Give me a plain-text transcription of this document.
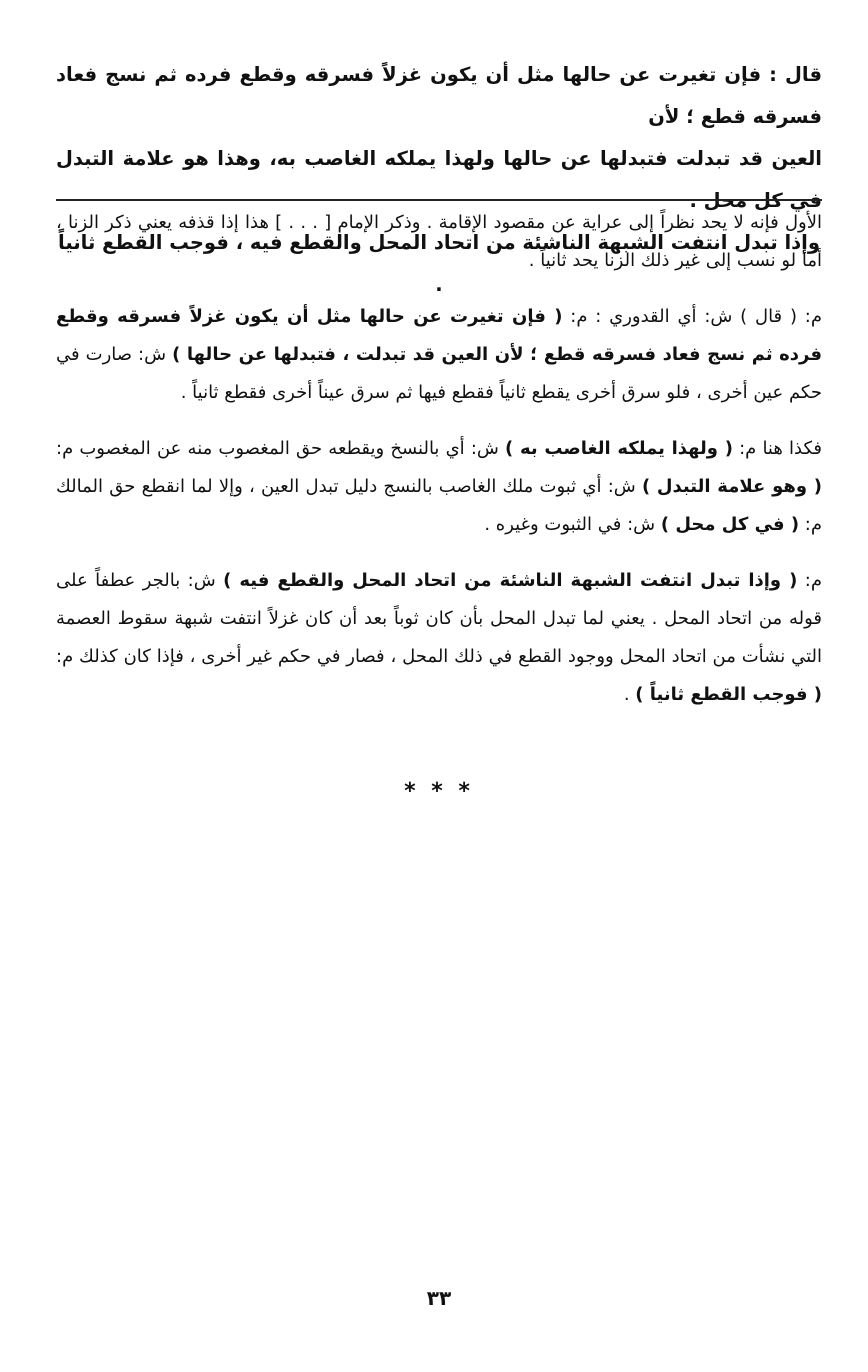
قال : فإن تغيرت عن حالها مثل أن يكون غزلاً فسرقه وقطع فرده ثم نسج فعاد فسرقه قطع ؛ لأن
العين قد تبدلت فتبدلها عن حالها ولهذا يملكه الغاصب به، وهذا هو علامة التبدل في كل محل .
وإذا تبدل انتفت الشبهة الناشئة من اتحاد المحل والقطع فيه ، فوجب القطع ثانياً .

الأول فإنه لا يحد نظراً إلى عراية عن مقصود الإقامة . وذكر الإمام [ . . . ] هذا إذا قذفه يعني ذكر الزنا ، أما لو نسب إلى غير ذلك الزنا يحد ثانياً .

م: ( قال ) ش: أي القدوري : م: ( فإن تغيرت عن حالها مثل أن يكون غزلاً فسرقه وقطع فرده ثم نسج فعاد فسرقه قطع ؛ لأن العين قد تبدلت ، فتبدلها عن حالها ) ش: صارت في حكم عين أخرى ، فلو سرق أخرى يقطع ثانياً فقطع فيها ثم سرق عيناً أخرى فقطع ثانياً .

فكذا هنا م: ( ولهذا يملكه الغاصب به ) ش: أي بالنسخ ويقطعه حق المغصوب منه عن المغصوب م: ( وهو علامة التبدل ) ش: أي ثبوت ملك الغاصب بالنسج دليل تبدل العين ، وإلا لما انقطع حق المالك م: ( في كل محل ) ش: في الثبوت وغيره .

م: ( وإذا تبدل انتفت الشبهة الناشئة من اتحاد المحل والقطع فيه ) ش: بالجر عطفاً على قوله من اتحاد المحل . يعني لما تبدل المحل بأن كان ثوباً بعد أن كان غزلاً انتفت شبهة سقوط العصمة التي نشأت من اتحاد المحل ووجود القطع في ذلك المحل ، فصار في حكم غير أخرى ، فإذا كان كذلك م: ( فوجب القطع ثانياً ) .

* * *
٣٣
